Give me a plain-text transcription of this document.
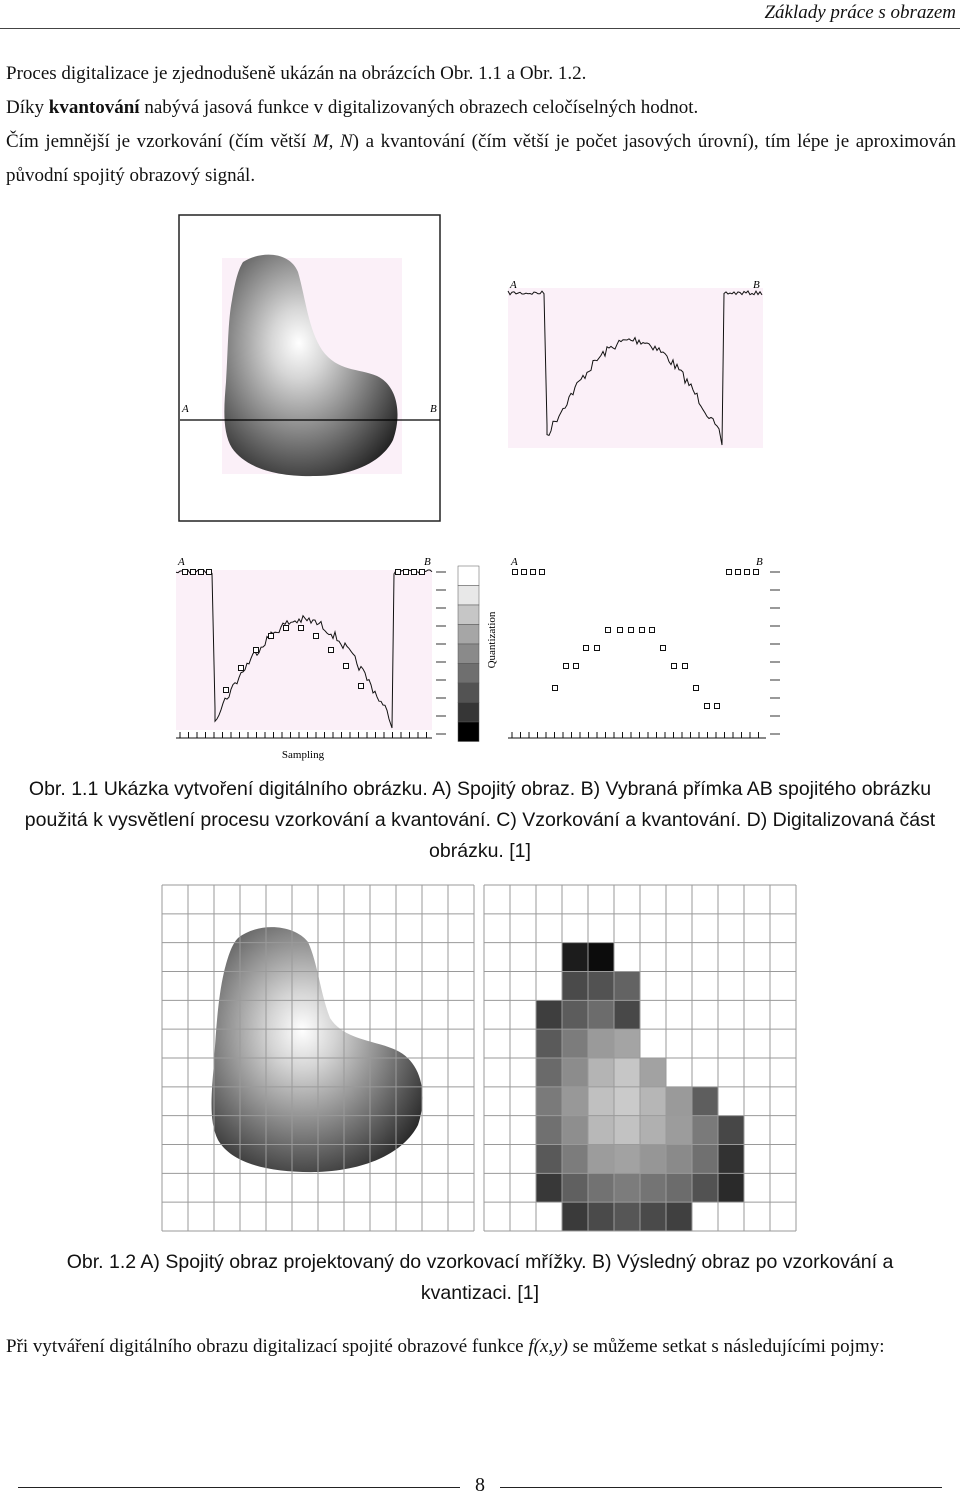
Základy práce s obrazem
Proces digitalizace je zjednodušeně ukázán na obrázcích Obr. 1.1 a Obr. 1.2.
Díky kvantování nabývá jasová funkce v digitalizovaných obrazech celočíselných hodnot.
Čím jemnější je vzorkování (čím větší M, N) a kvantování (čím větší je počet jasových úrovní), tím lépe je aproximován původní spojitý obrazový signál.
A	B
A	B
A	B
Sampling
Quantization
A	B
Obr. 1.1 Ukázka vytvoření digitálního obrázku. A) Spojitý obraz. B) Vybraná přímka AB spojitého obrázku použitá k vysvětlení procesu vzorkování a kvantování. C) Vzorkování a kvantování. D) Digitalizovaná část obrázku. [1]
Obr. 1.2 A) Spojitý obraz projektovaný do vzorkovací mřížky. B) Výsledný obraz po vzorkování a kvantizaci. [1]
Při vytváření digitálního obrazu digitalizací spojité obrazové funkce f(x,y) se můžeme setkat s následujícími pojmy:
8
